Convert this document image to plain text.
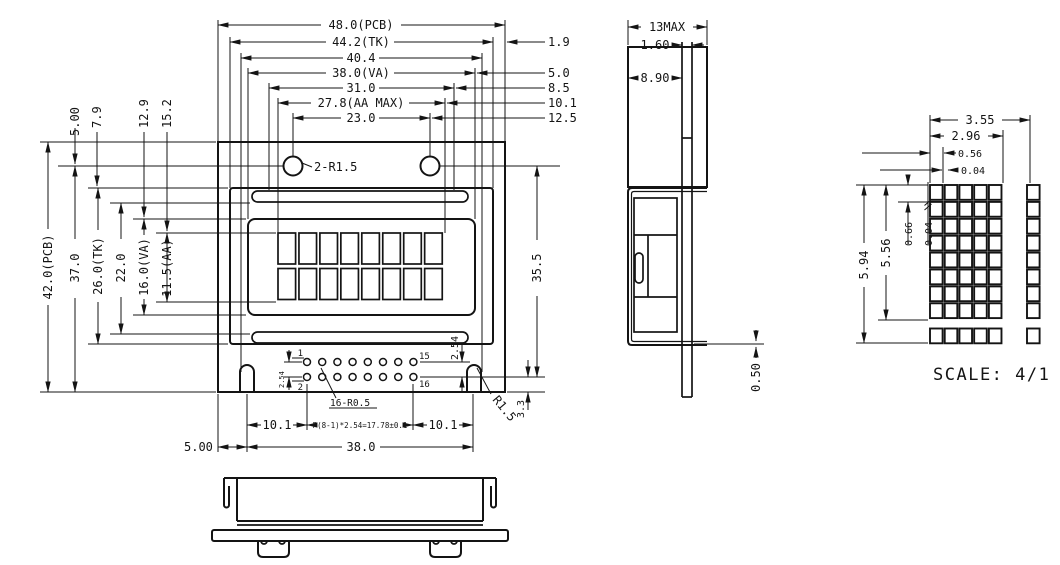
48.0(PCB)
44.2(TK)
40.4
38.0(VA)
31.0
27.8(AA MAX)
23.0
1.9
5.0
8.5
10.1
12.5
5.00 7.9	12.9 15.2
42.0(PCB) 37.0 26.0(TK) 22.0 16.0(VA) 11.5(AA)	35.5
2.54
3.3
2.54
2-R1.5
1
2
15
16
16-R0.5	R1.5
10.1	P(8-1)*2.54=17.78±0.1 10.1
5.00	38.0
13MAX
1.60
8.90
0.50
3.55
2.96
0.56
0.04
5.94 5.56
0.66 0.04
SCALE: 4/1
